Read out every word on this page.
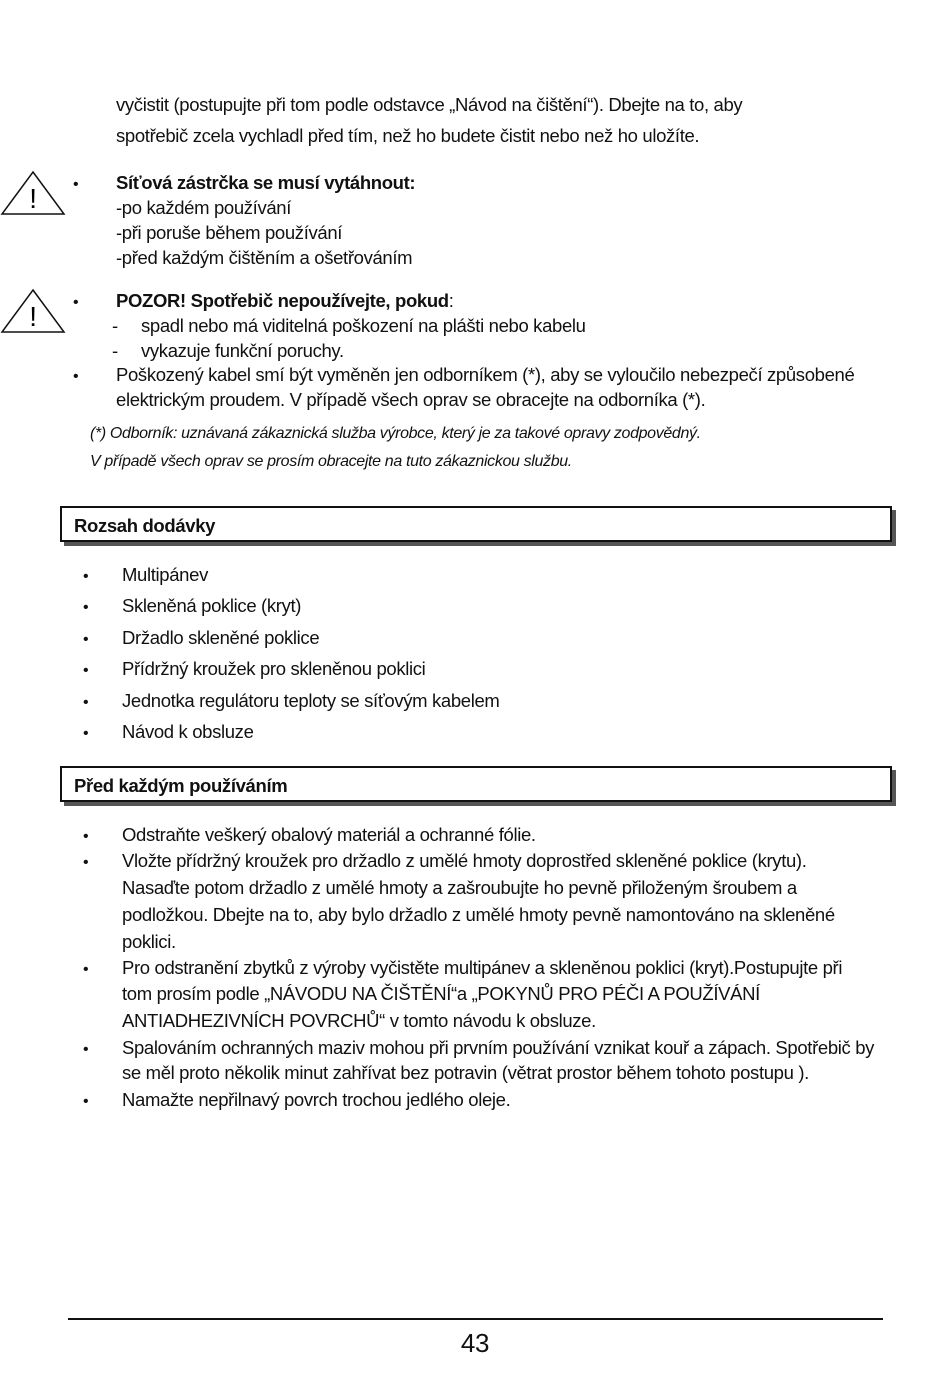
vyčistit (postupujte při tom podle odstavce „Návod na čištění“). Dbejte na to, aby
spotřebič zcela vychladl před tím, než ho budete čistit nebo než ho uložíte.
! • Síťová zástrčka se musí vytáhnout:
-po každém používání
-při poruše během používání
-před každým čištěním a ošetřováním
! • POZOR! Spotřebič nepoužívejte, pokud:
- spadl nebo má viditelná poškození na plášti nebo kabelu
- vykazuje funkční poruchy.
• Poškozený kabel smí být vyměněn jen odborníkem (*), aby se vyloučilo nebezpečí způsobené
elektrickým proudem. V případě všech oprav se obracejte na odborníka (*).
(*) Odborník: uznávaná zákaznická služba výrobce, který je za takové opravy zodpovědný.
V případě všech oprav se prosím obracejte na tuto zákaznickou službu.
Rozsah dodávky
• Multipánev
• Skleněná poklice (kryt)
• Držadlo skleněné poklice
• Přídržný kroužek pro skleněnou poklici
• Jednotka regulátoru teploty se síťovým kabelem
• Návod k obsluze
Před každým používáním
• Odstraňte veškerý obalový materiál a ochranné fólie.
• Vložte přídržný kroužek pro držadlo z umělé hmoty doprostřed skleněné poklice (krytu).
Nasaďte potom držadlo z umělé hmoty a zašroubujte ho pevně přiloženým šroubem a
podložkou. Dbejte na to, aby bylo držadlo z umělé hmoty pevně namontováno na skleněné
poklici.
• Pro odstranění zbytků z výroby vyčistěte multipánev a skleněnou poklici (kryt).Postupujte při
tom prosím podle „NÁVODU NA ČIŠTĚNÍ“a „POKYNŮ PRO PÉČI A POUŽÍVÁNÍ
ANTIADHEZIVNÍCH POVRCHŮ“ v tomto návodu k obsluze.
• Spalováním ochranných maziv mohou při prvním používání vznikat kouř a zápach. Spotřebič by
se měl proto několik minut zahřívat bez potravin (větrat prostor během tohoto postupu ).
• Namažte nepřilnavý povrch trochou jedlého oleje.
43
